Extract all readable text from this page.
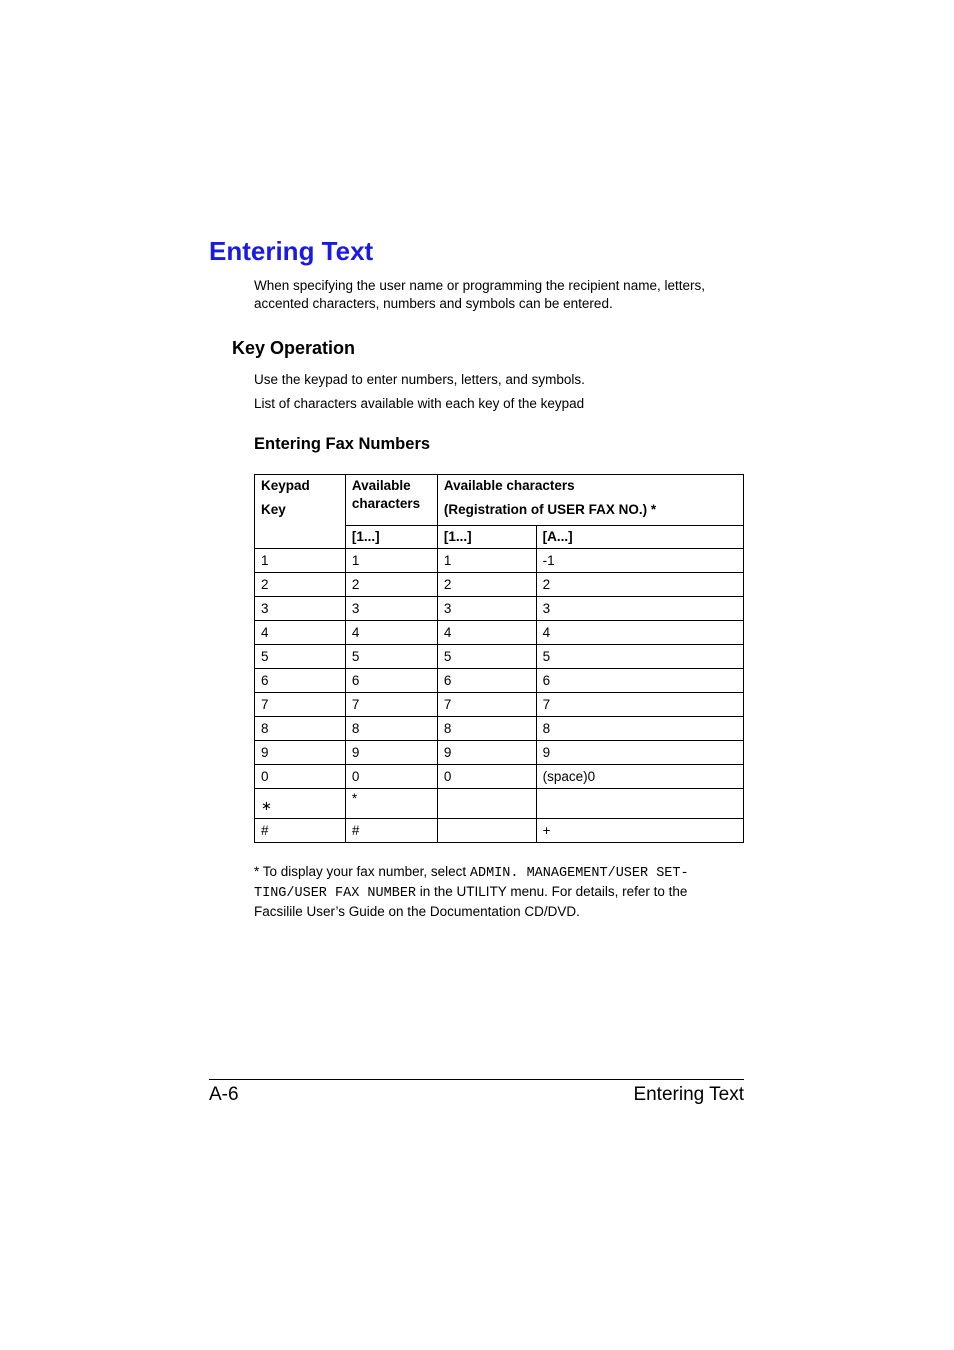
Entering Text
When specifying the user name or programming the recipient name, letters,
accented characters, numbers and symbols can be entered.
Key Operation
Use the keypad to enter numbers, letters, and symbols.
List of characters available with each key of the keypad
Entering Fax Numbers
Keypad
Key	Available
characters	Available characters
(Registration of USER FAX NO.) *	

	[1...]	[1...]	[A...]
1	1	1	-1
2	2	2	2
3	3	3	3
4	4	4	4
5	5	5	5
6	6	6	6
7	7	7	7
8	8	8	8
9	9	9	9
0	0	0	(space)0
∗	*		
#	#		+
* To display your fax number, select ADMIN. MANAGEMENT/USER SET-
TING/USER FAX NUMBER in the UTILITY menu. For details, refer to the
Facsilile User’s Guide on the Documentation CD/DVD.
A-6	Entering Text
